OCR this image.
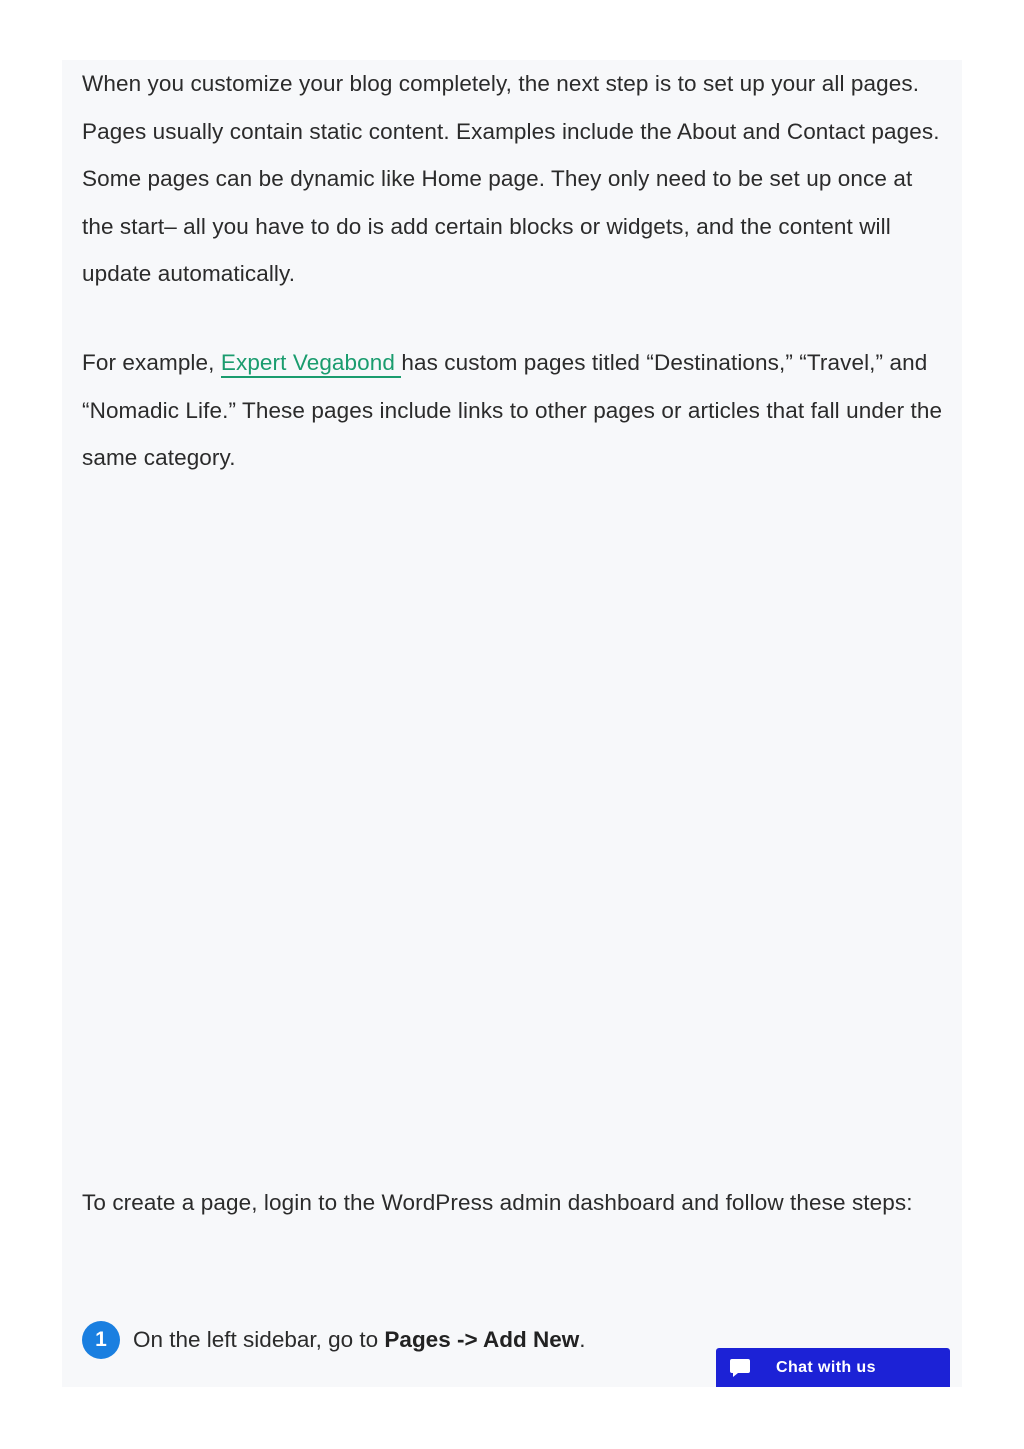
When you customize your blog completely, the next step is to set up your all pages. Pages usually contain static content. Examples include the About and Contact pages. Some pages can be dynamic like Home page. They only need to be set up once at the start– all you have to do is add certain blocks or widgets, and the content will update automatically.

For example, Expert Vegabond has custom pages titled “Destinations,” “Travel,” and “Nomadic Life.” These pages include links to other pages or articles that fall under the same category.

To create a page, login to the WordPress admin dashboard and follow these steps:

1	On the left sidebar, go to Pages -> Add New.
Chat with us
